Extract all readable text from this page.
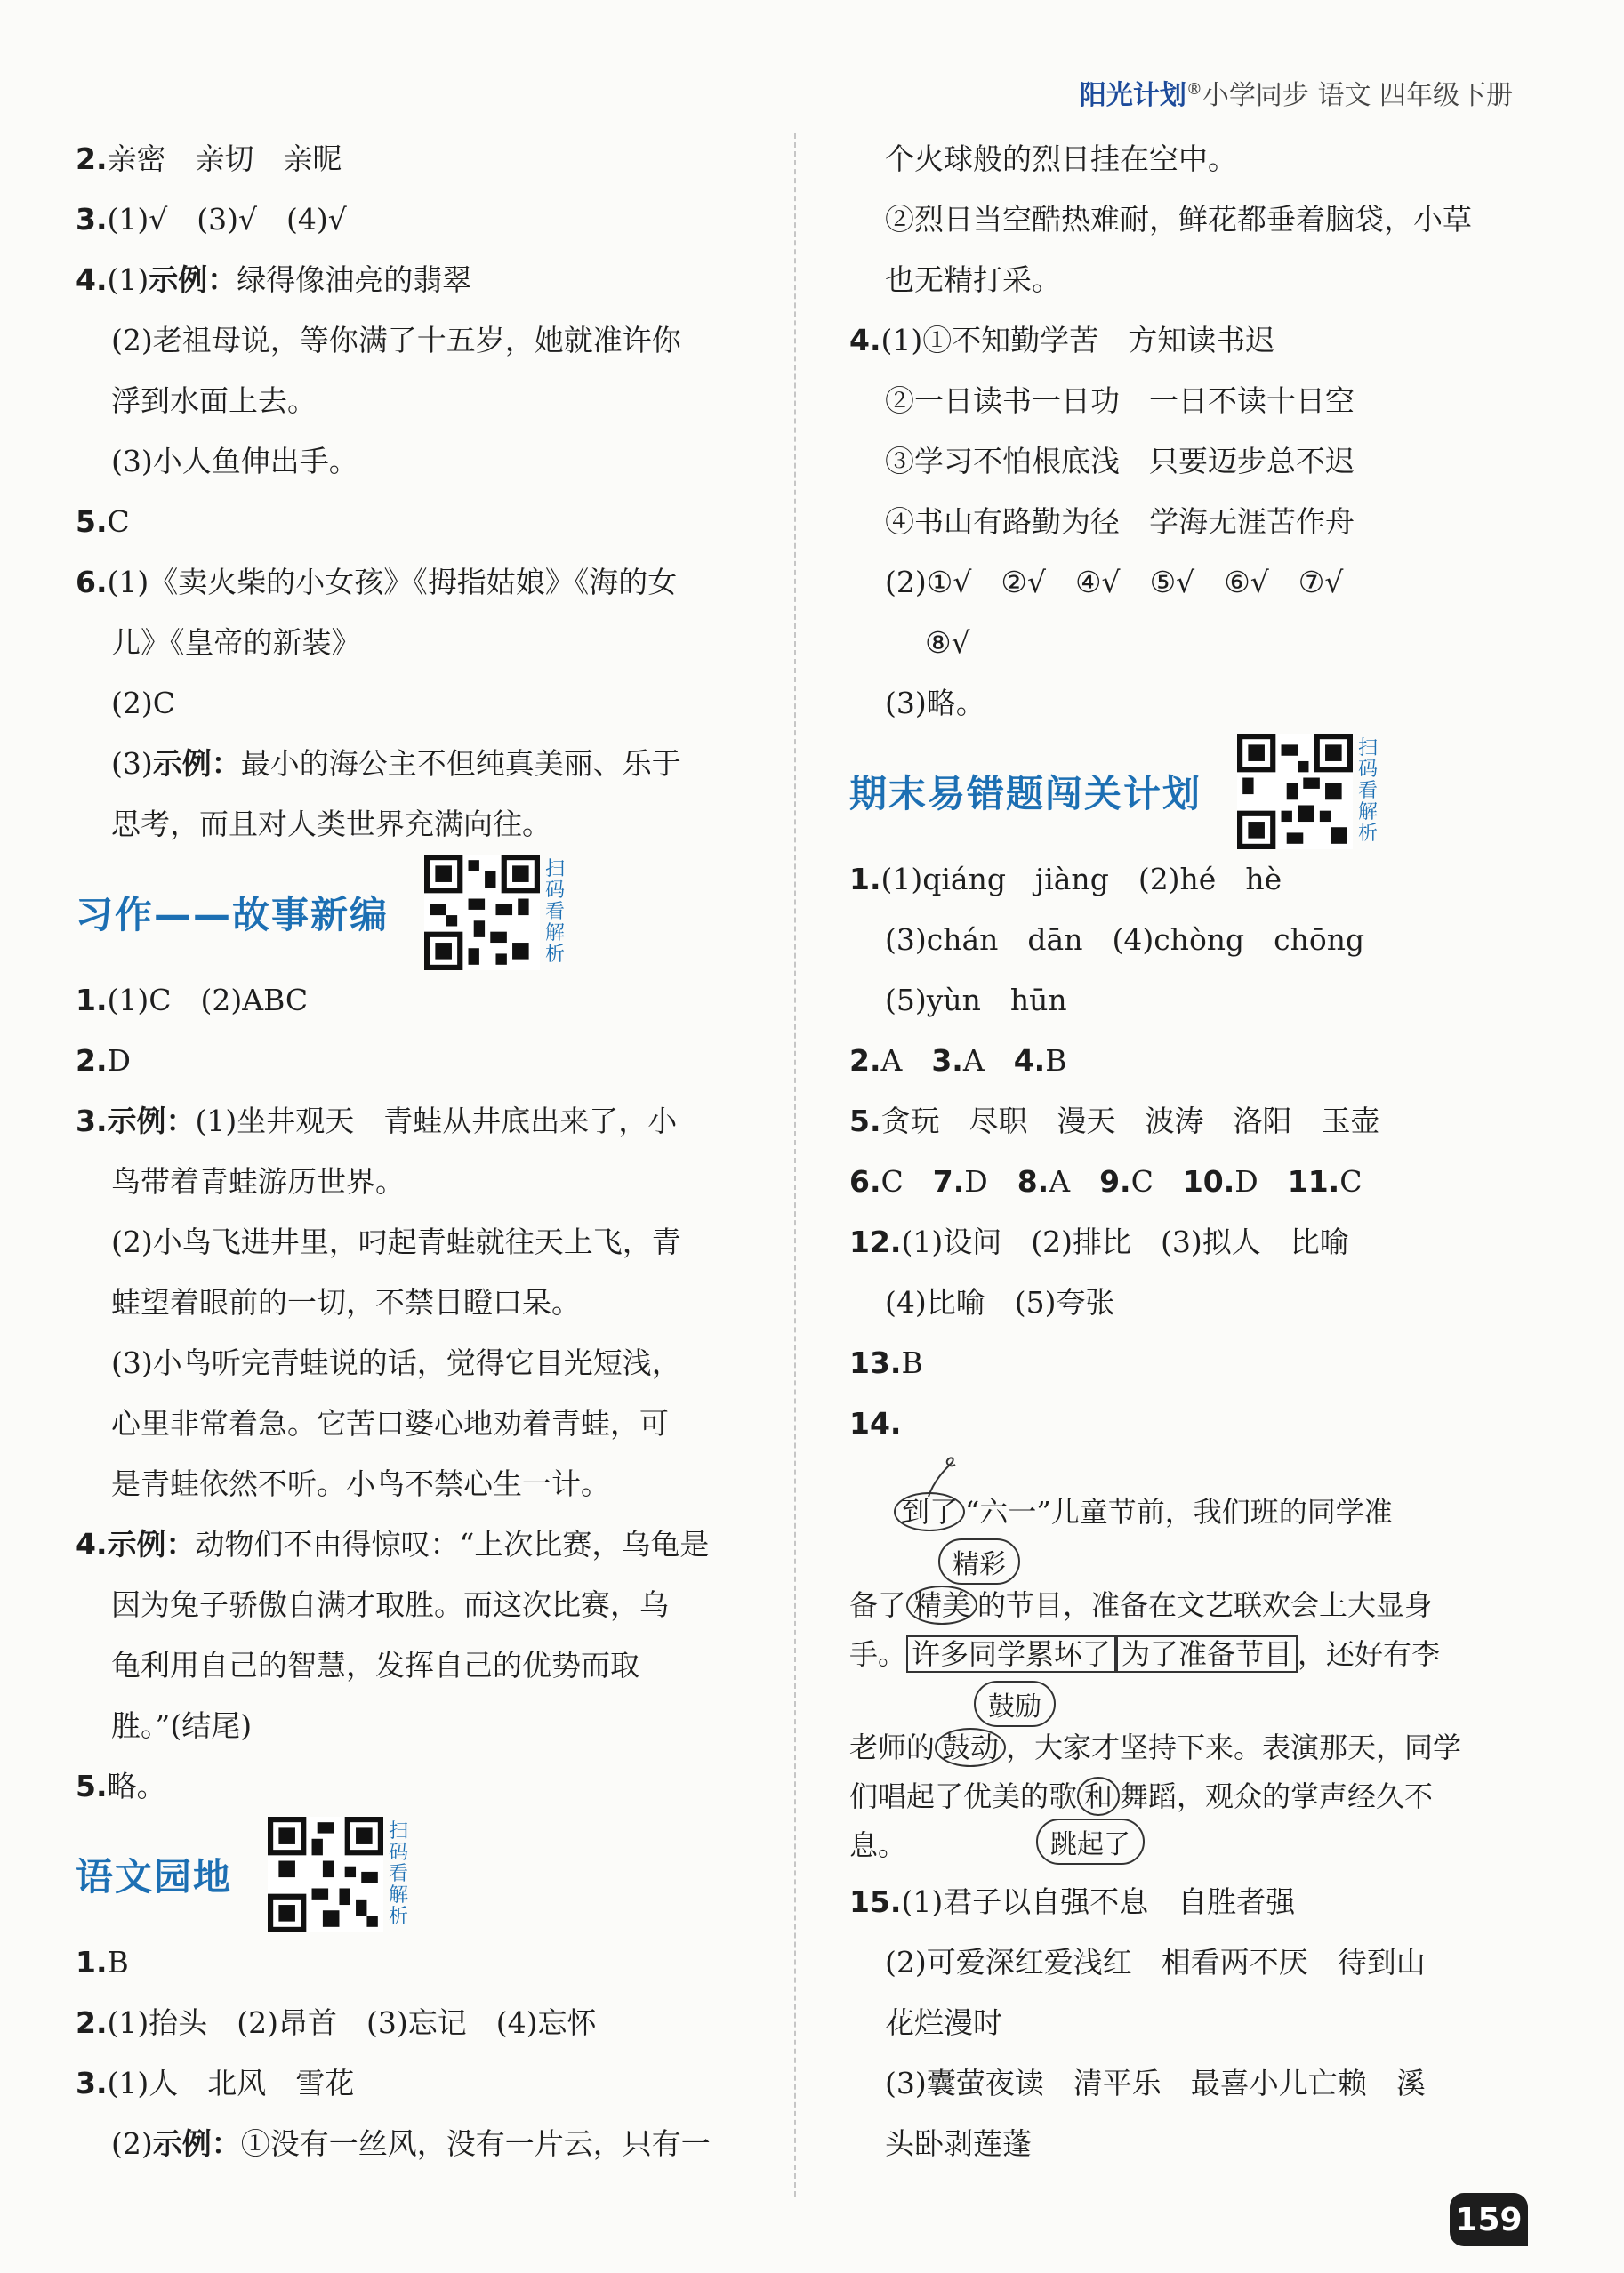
阳光计划®小学同步 语文 四年级下册
2.亲密　亲切　亲昵
3.(1)√　(3)√　(4)√
4.(1)示例：绿得像油亮的翡翠
(2)老祖母说，等你满了十五岁，她就准许你
浮到水面上去。
(3)小人鱼伸出手。
5.C
6.(1)《卖火柴的小女孩》《拇指姑娘》《海的女
儿》《皇帝的新装》
(2)C
(3)示例：最小的海公主不但纯真美丽、乐于
思考，而且对人类世界充满向往。
习作——故事新编
扫
码
看
解
析
1.(1)C　(2)ABC
2.D
3.示例：(1)坐井观天　青蛙从井底出来了，小
鸟带着青蛙游历世界。
(2)小鸟飞进井里，叼起青蛙就往天上飞，青
蛙望着眼前的一切，不禁目瞪口呆。
(3)小鸟听完青蛙说的话，觉得它目光短浅，
心里非常着急。它苦口婆心地劝着青蛙，可
是青蛙依然不听。小鸟不禁心生一计。
4.示例：动物们不由得惊叹：“上次比赛，乌龟是
因为兔子骄傲自满才取胜。而这次比赛，乌
龟利用自己的智慧，发挥自己的优势而取
胜。”(结尾)
5.略。
语文园地
扫
码
看
解
析
1.B
2.(1)抬头　(2)昂首　(3)忘记　(4)忘怀
3.(1)人　北风　雪花
(2)示例：①没有一丝风，没有一片云，只有一
个火球般的烈日挂在空中。
②烈日当空酷热难耐，鲜花都垂着脑袋，小草
也无精打采。
4.(1)①不知勤学苦　方知读书迟
②一日读书一日功　一日不读十日空
③学习不怕根底浅　只要迈步总不迟
④书山有路勤为径　学海无涯苦作舟
(2)①√　②√　④√　⑤√　⑥√　⑦√
⑧√
(3)略。
期末易错题闯关计划
扫
码
看
解
析
1.(1)qiáng　jiàng　(2)hé　hè
(3)chán　dān　(4)chòng　chōng
(5)yùn　hūn
2.A　 3.A　 4.B
5.贪玩　尽职　漫天　波涛　洛阳　玉壶
6.C　 7.D　 8.A　 9.C　 10.D　 11.C
12.(1)设问　(2)排比　(3)拟人　比喻
(4)比喻　(5)夸张
13.B
14.
到了 “六一”儿童节前，我们班的同学准
精彩
备了 精美 的节目，准备在文艺联欢会上大显身
手。 许多同学累坏了 为了准备节目 ，还好有李
鼓励
老师的 鼓动 ，大家才坚持下来。表演那天，同学
们唱起了优美的歌 和 舞蹈，观众的掌声经久不
息。	跳起了
15.(1)君子以自强不息　自胜者强
(2)可爱深红爱浅红　相看两不厌　待到山
花烂漫时
(3)囊萤夜读　清平乐　最喜小儿亡赖　溪
头卧剥莲蓬
159
